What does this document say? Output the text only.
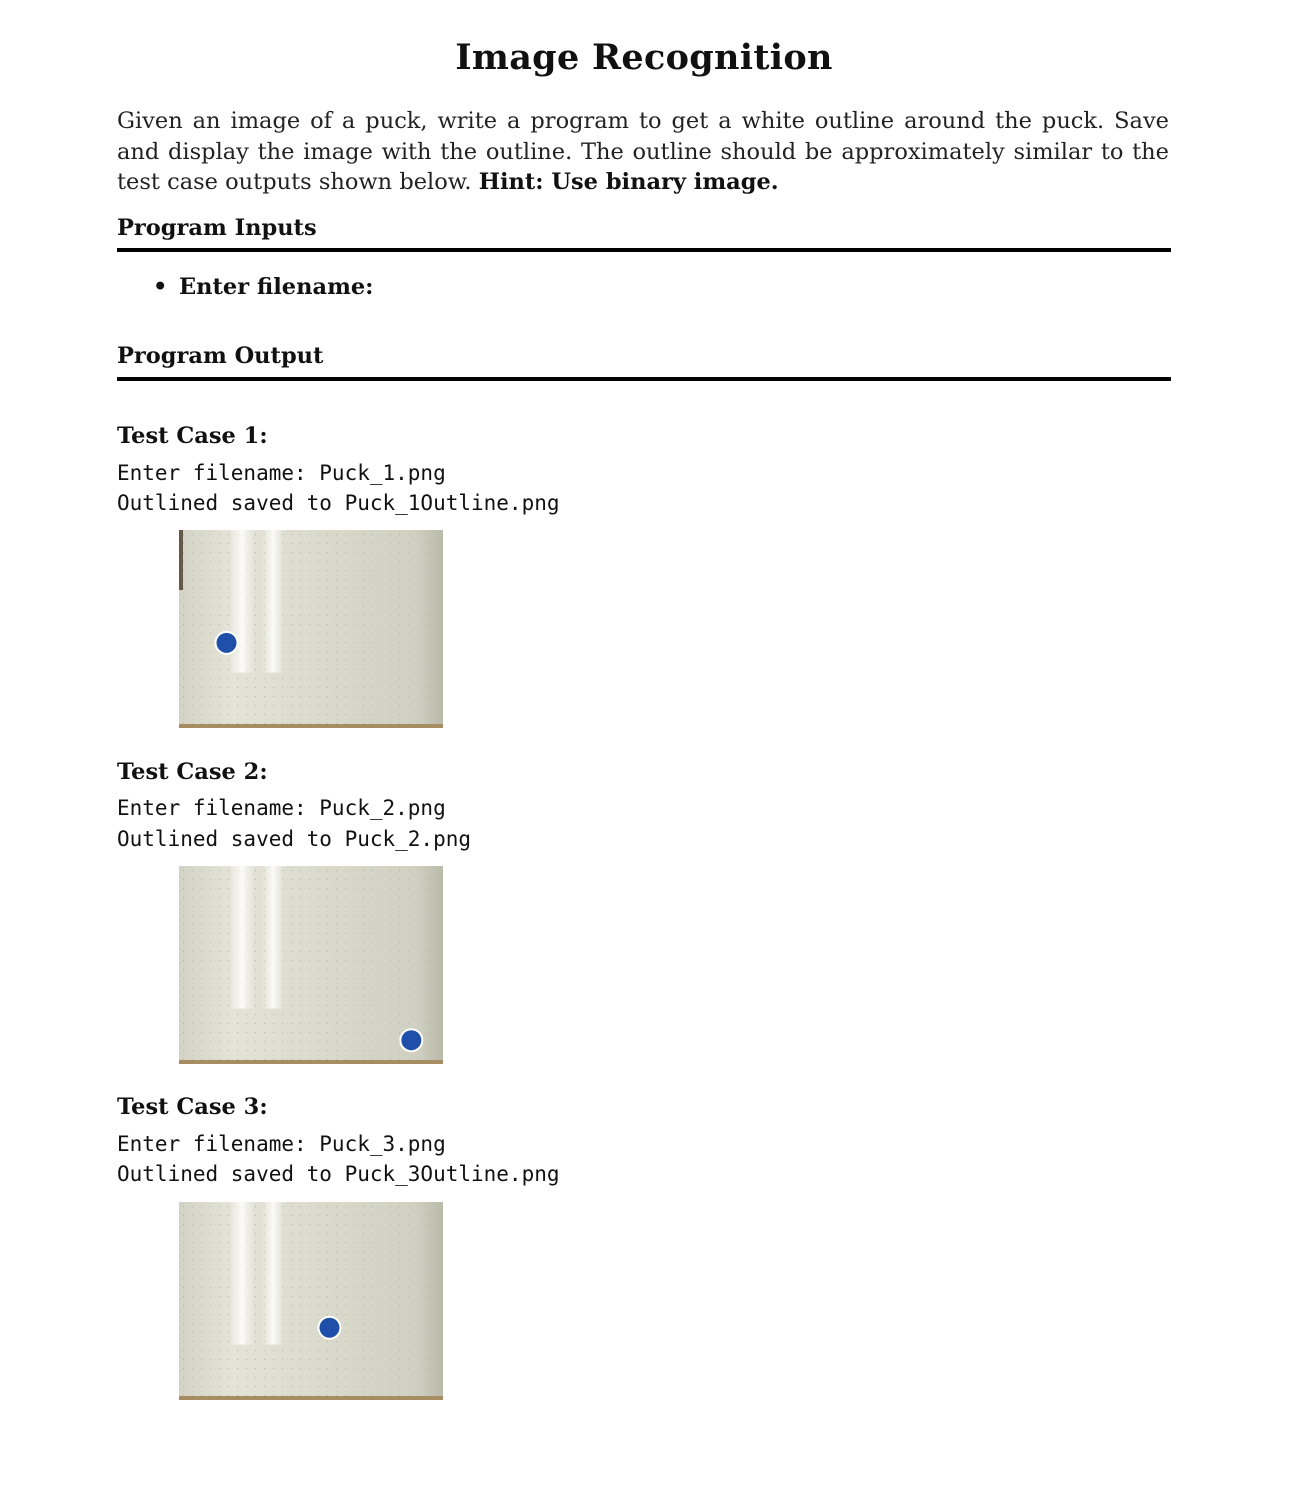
Image Recognition

Given an image of a puck, write a program to get a white outline around the puck. Save and display the image with the outline. The outline should be approximately similar to the test case outputs shown below. Hint: Use binary image.

Program Inputs
• Enter filename:
Program Output
Test Case 1:
Enter filename: Puck_1.png
Outlined saved to Puck_1Outline.png
Test Case 2:
Enter filename: Puck_2.png
Outlined saved to Puck_2.png
Test Case 3:
Enter filename: Puck_3.png
Outlined saved to Puck_3Outline.png
